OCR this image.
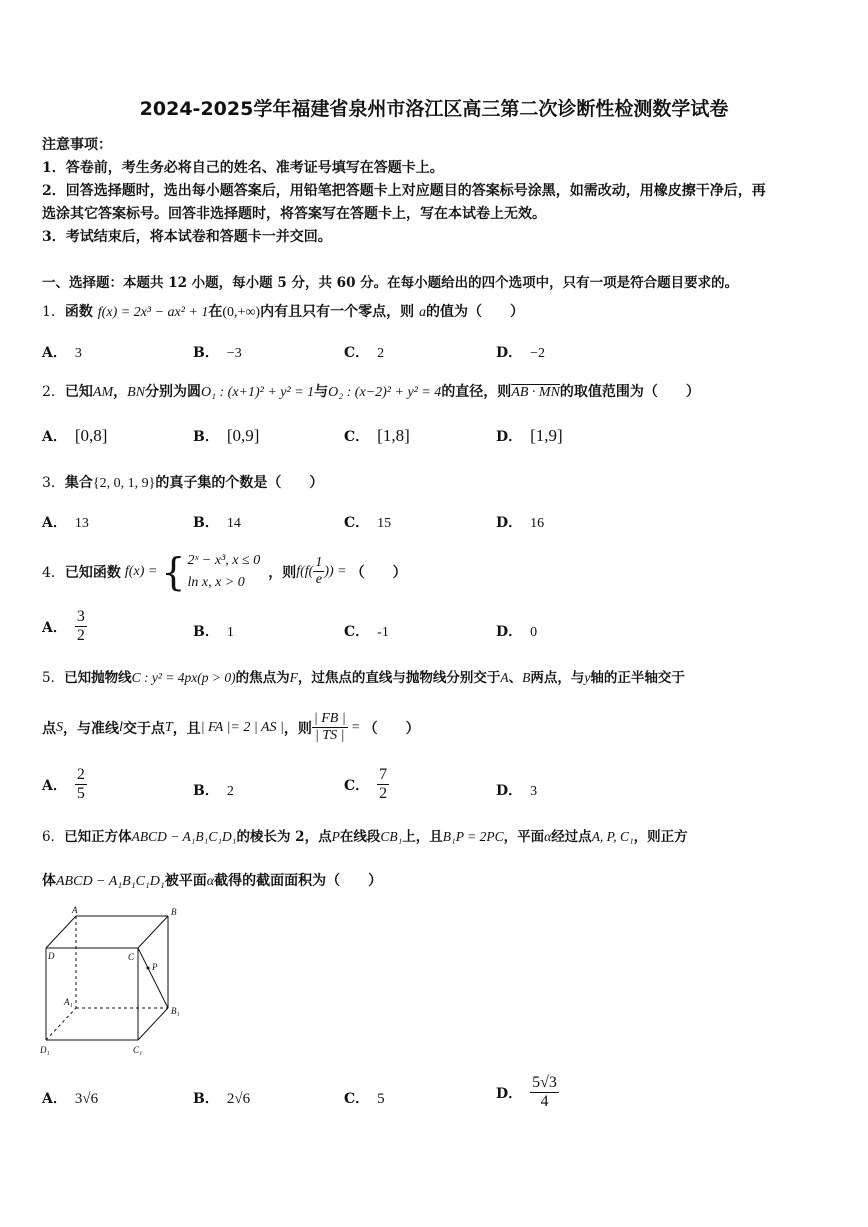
2024-2025学年福建省泉州市洛江区高三第二次诊断性检测数学试卷
注意事项：
1．答卷前，考生务必将自己的姓名、准考证号填写在答题卡上。
2．回答选择题时，选出每小题答案后，用铅笔把答题卡上对应题目的答案标号涂黑，如需改动，用橡皮擦干净后，再
选涂其它答案标号。回答非选择题时，将答案写在答题卡上，写在本试卷上无效。
3．考试结束后，将本试卷和答题卡一并交回。
一、选择题：本题共 12 小题，每小题 5 分，共 60 分。在每小题给出的四个选项中，只有一项是符合题目要求的。
1．函数 f(x) = 2x³ − ax² + 1在(0,+∞)内有且只有一个零点，则 a的值为（　　）
A． 3	B． −3	C． 2	D． −2
2．已知AM，BN分别为圆O₁ : (x+1)² + y² = 1与O₂ : (x−2)² + y² = 4的直径，则AB · MN的取值范围为（　　）
A． [0,8]	B． [0,9]	C． [1,8]	D． [1,9]
3．集合{2, 0, 1, 9}的真子集的个数是（　　）
A． 13	B． 14	C． 15	D． 16
4． 已知函数 f(x) = { 2ˣ − x³, x ≤ 0
ln x, x > 0
，则 $f(f( \frac{1}{e}$ )) = （　　）
A． $\frac{3}{2}$	B． 1	C． -1	D． 0
5．已知抛物线C : y² = 4px(p > 0)的焦点为F，过焦点的直线与抛物线分别交于A、B两点，与y轴的正半轴交于
点 S ，与准线 l 交于点 T ，且 | FA |= 2 | AS | ，则 $\frac{| FB |}{| TS |}$ = （　　）
A． $\frac{2}{5}$	B． 2	C． $\frac{7}{2}$	D． 3
6．已知正方体ABCD − A₁B₁C₁D₁的棱长为 2，点P在线段CB₁上，且B₁P = 2PC，平面α经过点A, P, C₁，则正方
体ABCD − A₁B₁C₁D₁被平面α截得的截面面积为（　　）
A	B
C
D
P
A₁
B₁
C₁
D₁
A． 3√6	B． 2√6	C． 5	D． $\frac{5√3}{4}$
